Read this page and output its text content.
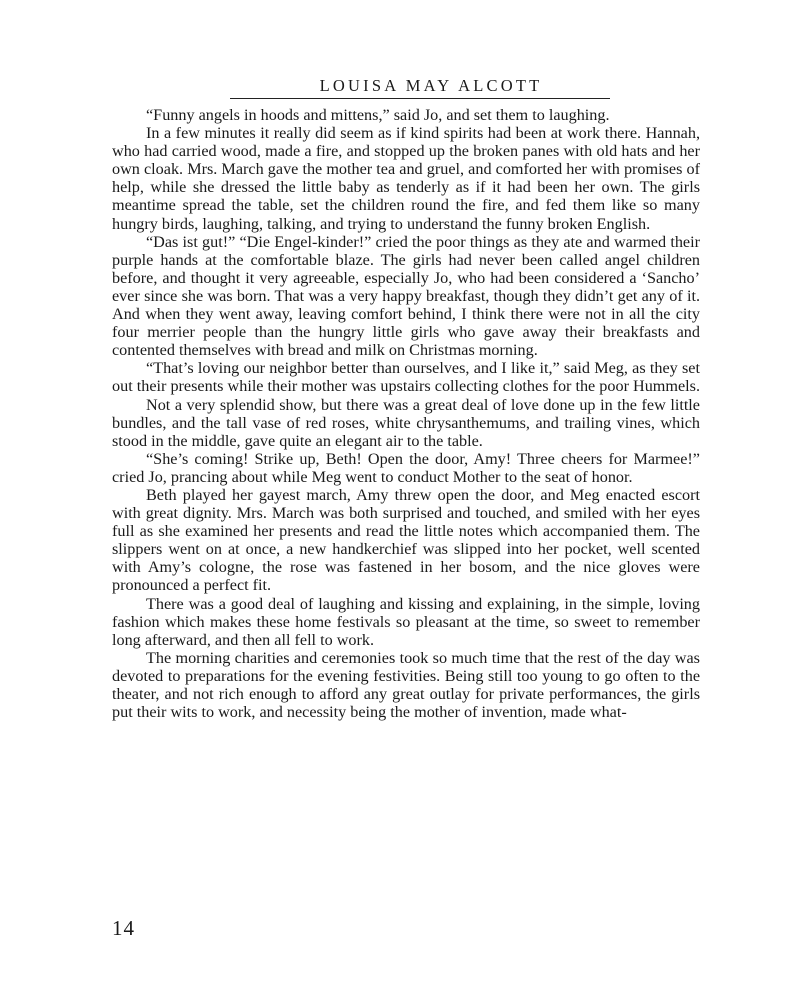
LOUISA MAY ALCOTT

“Funny angels in hoods and mittens,” said Jo, and set them to laughing.

In a few minutes it really did seem as if kind spirits had been at work there. Hannah, who had carried wood, made a fire, and stopped up the broken panes with old hats and her own cloak. Mrs. March gave the mother tea and gruel, and comforted her with promises of help, while she dressed the little baby as tenderly as if it had been her own. The girls meantime spread the table, set the children round the fire, and fed them like so many hungry birds, laughing, talking, and trying to understand the funny broken English.

“Das ist gut!” “Die Engel-kinder!” cried the poor things as they ate and warmed their purple hands at the comfortable blaze. The girls had never been called angel children before, and thought it very agreeable, especially Jo, who had been considered a ‘Sancho’ ever since she was born. That was a very happy breakfast, though they didn’t get any of it. And when they went away, leaving comfort behind, I think there were not in all the city four merrier people than the hungry little girls who gave away their breakfasts and contented themselves with bread and milk on Christmas morning.

“That’s loving our neighbor better than ourselves, and I like it,” said Meg, as they set out their presents while their mother was upstairs collecting clothes for the poor Hummels.

Not a very splendid show, but there was a great deal of love done up in the few little bundles, and the tall vase of red roses, white chrysanthemums, and trailing vines, which stood in the middle, gave quite an elegant air to the table.

“She’s coming! Strike up, Beth! Open the door, Amy! Three cheers for Marmee!” cried Jo, prancing about while Meg went to conduct Mother to the seat of honor.

Beth played her gayest march, Amy threw open the door, and Meg enacted escort with great dignity. Mrs. March was both surprised and touched, and smiled with her eyes full as she examined her presents and read the little notes which accompanied them. The slippers went on at once, a new handkerchief was slipped into her pocket, well scented with Amy’s cologne, the rose was fastened in her bosom, and the nice gloves were pronounced a perfect fit.

There was a good deal of laughing and kissing and explaining, in the simple, loving fashion which makes these home festivals so pleasant at the time, so sweet to remember long afterward, and then all fell to work.

The morning charities and ceremonies took so much time that the rest of the day was devoted to preparations for the evening festivities. Being still too young to go often to the theater, and not rich enough to afford any great outlay for private performances, the girls put their wits to work, and necessity being the mother of invention, made what-

14
